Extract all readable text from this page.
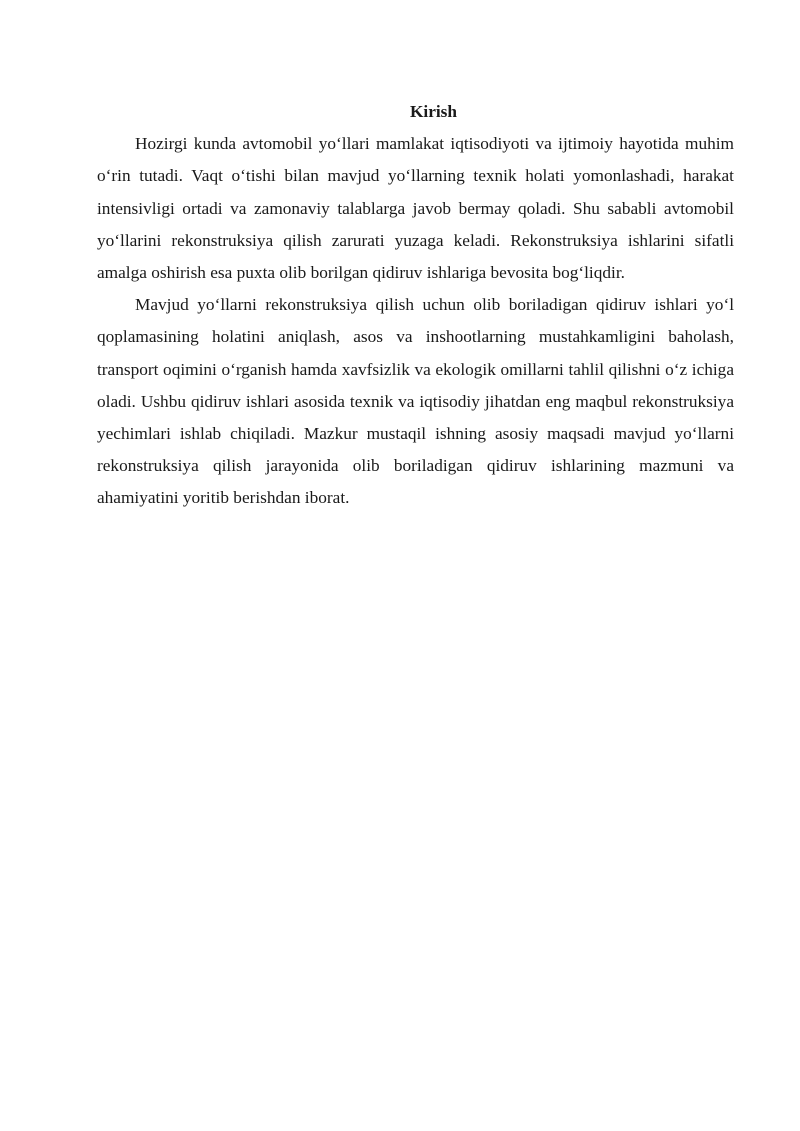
Kirish

Hozirgi kunda avtomobil yo‘llari mamlakat iqtisodiyoti va ijtimoiy hayotida muhim o‘rin tutadi. Vaqt o‘tishi bilan mavjud yo‘llarning texnik holati yomonlashadi, harakat intensivligi ortadi va zamonaviy talablarga javob bermay qoladi. Shu sababli avtomobil yo‘llarini rekonstruksiya qilish zarurati yuzaga keladi. Rekonstruksiya ishlarini sifatli amalga oshirish esa puxta olib borilgan qidiruv ishlariga bevosita bog‘liqdir.

Mavjud yo‘llarni rekonstruksiya qilish uchun olib boriladigan qidiruv ishlari yo‘l qoplamasining holatini aniqlash, asos va inshootlarning mustahkamligini baholash, transport oqimini o‘rganish hamda xavfsizlik va ekologik omillarni tahlil qilishni o‘z ichiga oladi. Ushbu qidiruv ishlari asosida texnik va iqtisodiy jihatdan eng maqbul rekonstruksiya yechimlari ishlab chiqiladi. Mazkur mustaqil ishning asosiy maqsadi mavjud yo‘llarni rekonstruksiya qilish jarayonida olib boriladigan qidiruv ishlarining mazmuni va ahamiyatini yoritib berishdan iborat.
